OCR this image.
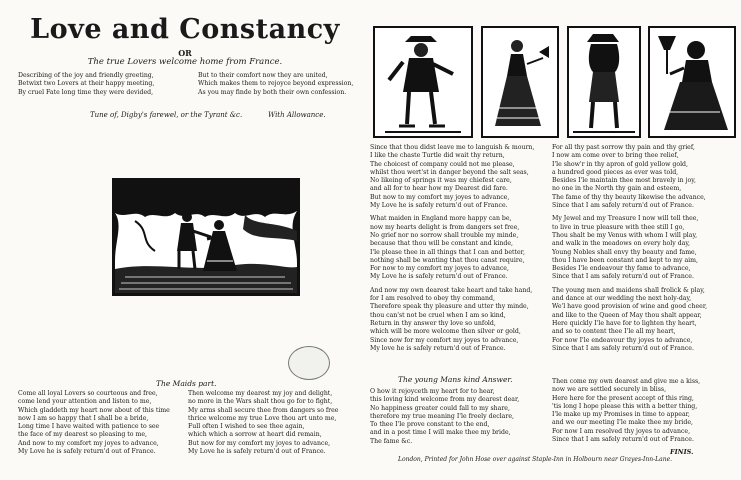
Love and Constancy
OR
The true Lovers welcome home from France.
Describing of the joy and friendly greeting,
Betwixt two Lovers at their happy meeting,
By cruel Fate long time they were devided,
But to their comfort now they are united,
Which makes them to rejoyce beyond expression,
As you may finde by both their own confession.
Tune of, Digby's farewel, or the Tyrant &c.	With Allowance.
The Maids part.
Come all loyal Lovers so courteous and free,
come lend your attention and listen to me,
Which gladdeth my heart now about of this time
now I am so happy that I shall be a bride,
Long time I have waited with patience to see
the face of my dearest so pleasing to me,
And now to my comfort my joyes to advance,
My Love he is safely return'd out of France.
Then welcome my dearest my joy and delight,
no more in the Wars shalt thou go for to fight,
My arms shall secure thee from dangers so free
thrice welcome my true Love thou art unto me,
Full often I wished to see thee again,
which which a sorrow at heart did remain,
But now for my comfort my joyes to advance,
My Love he is safely return'd out of France.
Since that thou didst leave me to languish & mourn,
I like the chaste Turtle did wait thy return,
The choicest of company could not me please,
whilst thou wert'st in danger beyond the salt seas,
No likeing of springs it was my chiefest care,
and all for to hear how my Dearest did fare.
But now to my comfort my joyes to advance,
My Love he is safely return'd out of France.
What maiden in England more happy can be,
now my hearts delight is from dangers set free,
No grief nor no sorrow shall trouble my minde,
because that thou will be constant and kinde,
I'le please thee in all things that I can and better,
nothing shall be wanting that thou canst require,
For now to my comfort my joyes to advance,
My Love he is safely return'd out of France.
And now my own dearest take heart and take hand,
for I am resolved to obey thy command,
Therefore speak thy pleasure and utter thy minde,
thou can'st not be cruel when I am so kind,
Return in thy answer thy love so unfold,
which will be more welcome then silver or gold,
Since now for my comfort my joyes to advance,
My love he is safely return'd out of France.
For all thy past sorrow thy pain and thy grief,
I now am come over to bring thee relief,
I'le show'r in thy apron of gold yellow gold,
a hundred good pieces as ever was told,
Besides I'le maintain thee most bravely in joy,
no one in the North thy gain and esteem,
The fame of thy thy beauty likewise the advance,
Since that I am safely return'd out of France.
My Jewel and my Treasure I now will tell thee,
to live in true pleasure with thee still I go,
Thou shalt be my Venus with whom I will play,
and walk in the meadows on every holy day,
Young Nobles shall envy thy beauty and fame,
thou I have been constant and kept to my aim,
Besides I'le endeavour thy fame to advance,
Since that I am safely return'd out of France.
The young men and maidens shall frolick & play,
and dance at our wedding the next holy-day,
We'l have good provision of wine and good cheer,
and like to the Queen of May thou shalt appear,
Here quickly I'le have for to lighten thy heart,
and so to content thee I'le all my heart,
For now I'le endeavour thy joyes to advance,
Since that I am safely return'd out of France.
The young Mans kind Answer.
O how it rejoyceth my heart for to hear,
this loving kind welcome from my dearest dear,
No happiness greater could fall to my share,
therefore my true meaning I'le freely declare,
To thee I'le prove constant to the end,
and in a post time I will make thee my bride,
The fame &c.
Then come my own dearest and give me a kiss,
now we are settled securely in bliss,
Here here for the present accept of this ring,
'tis long I hope please this with a better thing,
I'le make up my Promises in time to appear,
and we our meeting I'le make thee my bride,
For now I am resolved thy joyes to advance,
Since that I am safely return'd out of France.
FINIS.
London, Printed for John Hose over against Staple-Inn in Holbourn near Grayes-Inn-Lane.
